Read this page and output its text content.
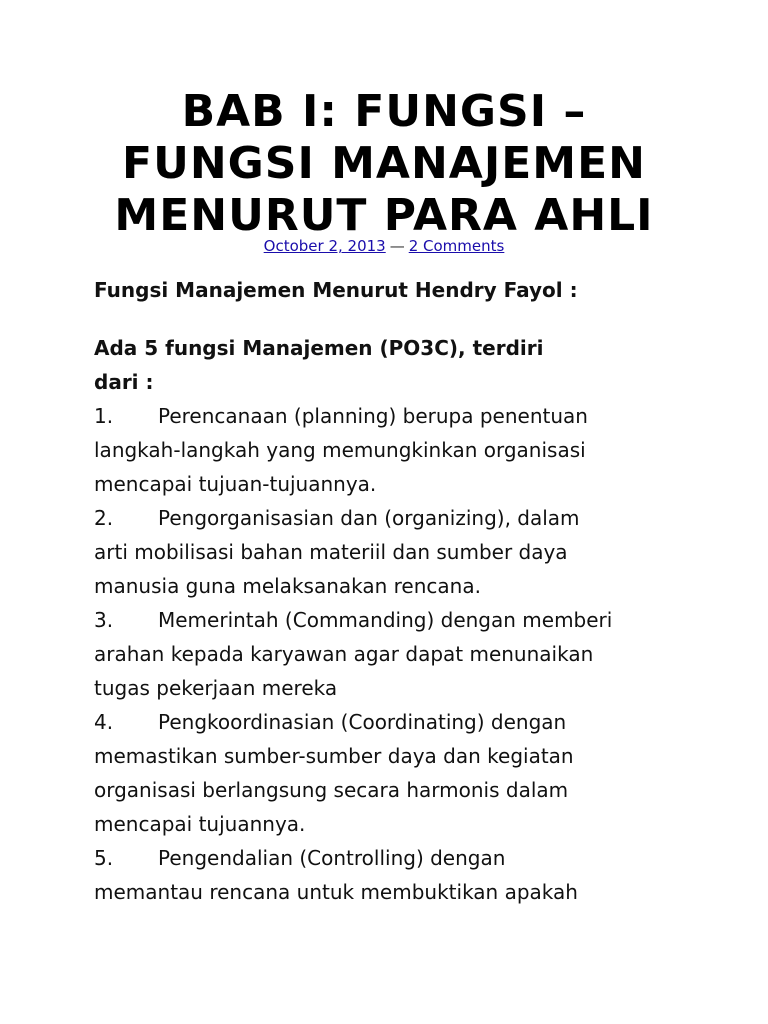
BAB I: FUNGSI –
FUNGSI MANAJEMEN
MENURUT PARA AHLI
October 2, 2013 — 2 Comments

Fungsi Manajemen Menurut Hendry Fayol :

Ada 5 fungsi Manajemen (PO3C), terdiri
dari :

1. Perencanaan (planning) berupa penentuan
langkah-langkah yang memungkinkan organisasi
mencapai tujuan-tujuannya.

2. Pengorganisasian dan (organizing), dalam
arti mobilisasi bahan materiil dan sumber daya
manusia guna melaksanakan rencana.

3. Memerintah (Commanding) dengan memberi
arahan kepada karyawan agar dapat menunaikan
tugas pekerjaan mereka

4. Pengkoordinasian (Coordinating) dengan
memastikan sumber-sumber daya dan kegiatan
organisasi berlangsung secara harmonis dalam
mencapai tujuannya.

5. Pengendalian (Controlling) dengan
memantau rencana untuk membuktikan apakah
